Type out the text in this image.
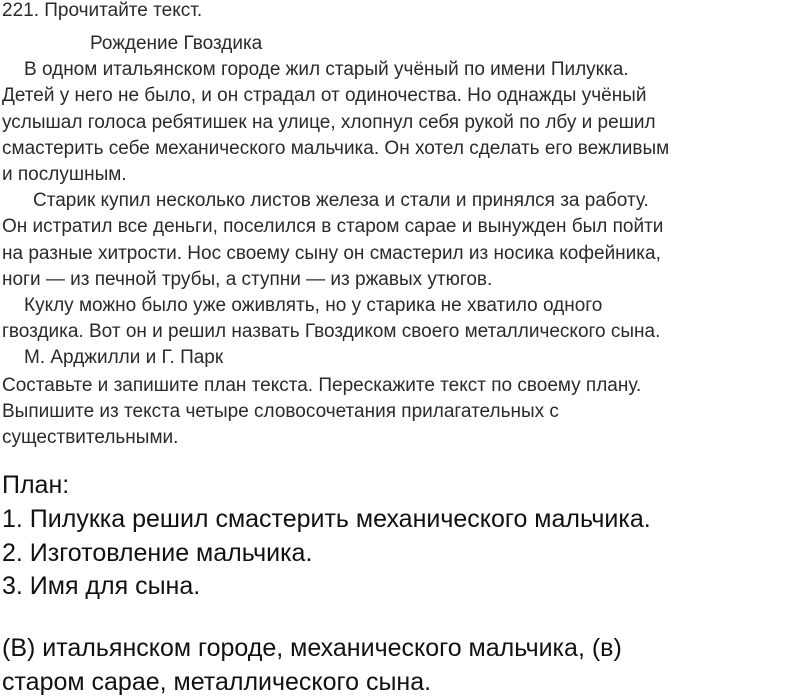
221. Прочитайте текст.
Рождение Гвоздика
В одном итальянском городе жил старый учёный по имени Пилукка.
Детей у него не было, и он страдал от одиночества. Но однажды учёный
услышал голоса ребятишек на улице, хлопнул себя рукой по лбу и решил
смастерить себе механического мальчика. Он хотел сделать его вежливым
и послушным.
Старик купил несколько листов железа и стали и принялся за работу.
Он истратил все деньги, поселился в старом сарае и вынужден был пойти
на разные хитрости. Нос своему сыну он смастерил из носика кофейника,
ноги — из печной трубы, а ступни — из ржавых утюгов.
Куклу можно было уже оживлять, но у старика не хватило одного
гвоздика. Вот он и решил назвать Гвоздиком своего металлического сына.
М. Арджилли и Г. Парк
Составьте и запишите план текста. Перескажите текст по своему плану.
Выпишите из текста четыре словосочетания прилагательных с
существительными.
План:
1. Пилукка решил смастерить механического мальчика.
2. Изготовление мальчика.
3. Имя для сына.
(В) итальянском городе, механического мальчика, (в)
старом сарае, металлического сына.
